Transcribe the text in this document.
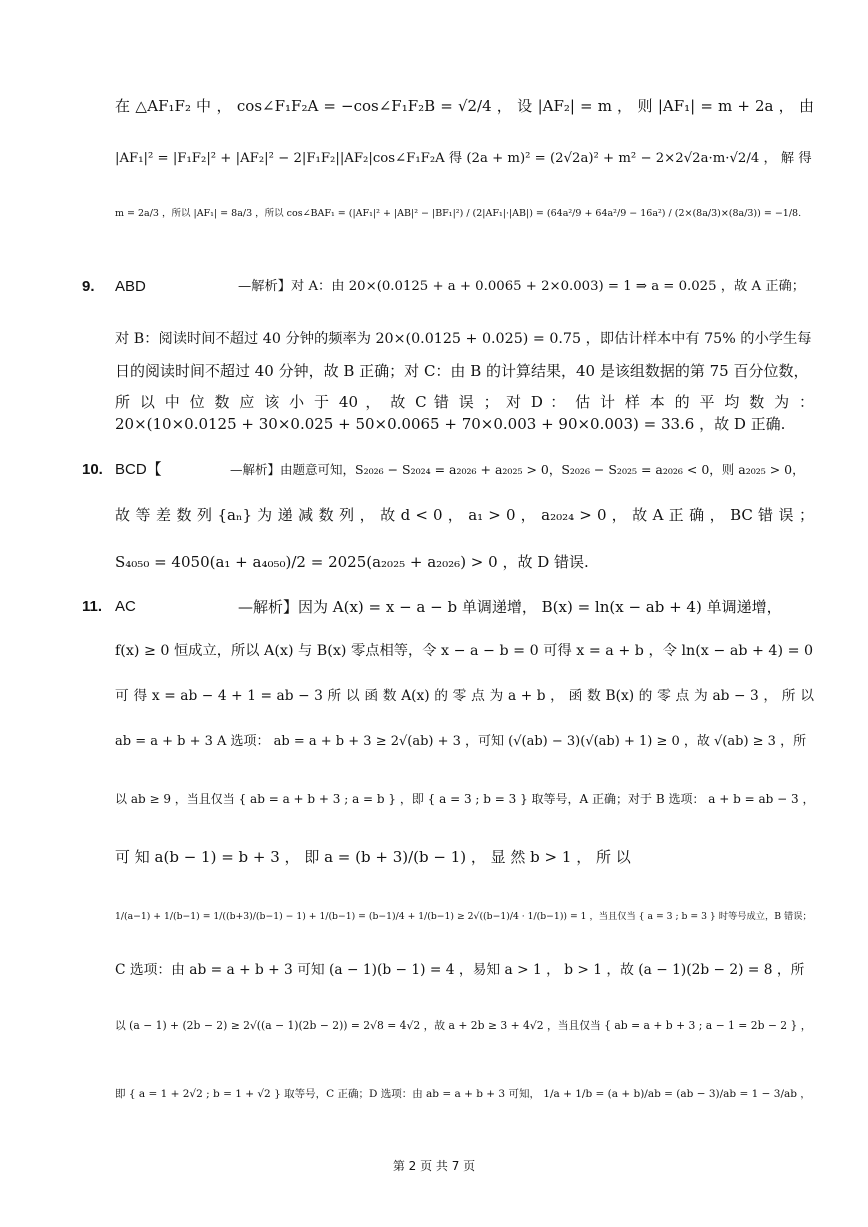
在 △AF₁F₂ 中 ， cos∠F₁F₂A = −cos∠F₁F₂B = √2/4 ， 设 |AF₂| = m ， 则 |AF₁| = m + 2a ， 由
|AF₁|² = |F₁F₂|² + |AF₂|² − 2|F₁F₂||AF₂|cos∠F₁F₂A 得 (2a + m)² = (2√2a)² + m² − 2×2√2a·m·√2/4 ， 解 得
m = 2a/3 ，所以 |AF₁| = 8a/3 ，所以 cos∠BAF₁ = (|AF₁|² + |AB|² − |BF₁|²) / (2|AF₁|·|AB|) = (64a²/9 + 64a²/9 − 16a²) / (2×(8a/3)×(8a/3)) = −1/8.
9. ABD	—解析】对 A：由 20×(0.0125 + a + 0.0065 + 2×0.003) = 1 ⇒ a = 0.025 ，故 A 正确；
对 B：阅读时间不超过 40 分钟的频率为 20×(0.0125 + 0.025) = 0.75 ，即估计样本中有 75% 的小学生每
日的阅读时间不超过 40 分钟，故 B 正确；对 C：由 B 的计算结果，40 是该组数据的第 75 百分位数，
所 以 中 位 数 应 该 小 于 40 ， 故 C 错 误 ； 对 D ： 估 计 样 本 的 平 均 数 为 ：
20×(10×0.0125 + 30×0.025 + 50×0.0065 + 70×0.003 + 90×0.003) = 33.6 ，故 D 正确.
10. BCD【	—解析】由题意可知，S₂₀₂₆ − S₂₀₂₄ = a₂₀₂₆ + a₂₀₂₅ > 0，S₂₀₂₆ − S₂₀₂₅ = a₂₀₂₆ < 0，则 a₂₀₂₅ > 0，
故 等 差 数 列 {aₙ} 为 递 减 数 列 ， 故 d < 0 ， a₁ > 0 ， a₂₀₂₄ > 0 ， 故 A 正 确 ， BC 错 误 ；
S₄₀₅₀ = 4050(a₁ + a₄₀₅₀)/2 = 2025(a₂₀₂₅ + a₂₀₂₆) > 0 ，故 D 错误.
11. AC	—解析】因为 A(x) = x − a − b 单调递增， B(x) = ln(x − ab + 4) 单调递增，
f(x) ≥ 0 恒成立，所以 A(x) 与 B(x) 零点相等，令 x − a − b = 0 可得 x = a + b ，令 ln(x − ab + 4) = 0
可 得 x = ab − 4 + 1 = ab − 3 所 以 函 数 A(x) 的 零 点 为 a + b ， 函 数 B(x) 的 零 点 为 ab − 3 ， 所 以
ab = a + b + 3 A 选项： ab = a + b + 3 ≥ 2√(ab) + 3 ，可知 (√(ab) − 3)(√(ab) + 1) ≥ 0 ，故 √(ab) ≥ 3 ，所
以 ab ≥ 9 ，当且仅当 { ab = a + b + 3 ; a = b } ，即 { a = 3 ; b = 3 } 取等号，A 正确；对于 B 选项： a + b = ab − 3 ，
可 知 a(b − 1) = b + 3 ， 即 a = (b + 3)/(b − 1) ， 显 然 b > 1 ， 所 以
1/(a−1) + 1/(b−1) = 1/((b+3)/(b−1) − 1) + 1/(b−1) = (b−1)/4 + 1/(b−1) ≥ 2√((b−1)/4 · 1/(b−1)) = 1 ，当且仅当 { a = 3 ; b = 3 } 时等号成立，B 错误；
C 选项：由 ab = a + b + 3 可知 (a − 1)(b − 1) = 4 ，易知 a > 1 ， b > 1 ，故 (a − 1)(2b − 2) = 8 ，所
以 (a − 1) + (2b − 2) ≥ 2√((a − 1)(2b − 2)) = 2√8 = 4√2 ，故 a + 2b ≥ 3 + 4√2 ，当且仅当 { ab = a + b + 3 ; a − 1 = 2b − 2 } ，
即 { a = 1 + 2√2 ; b = 1 + √2 } 取等号，C 正确；D 选项：由 ab = a + b + 3 可知， 1/a + 1/b = (a + b)/ab = (ab − 3)/ab = 1 − 3/ab ，
第 2 页 共 7 页
